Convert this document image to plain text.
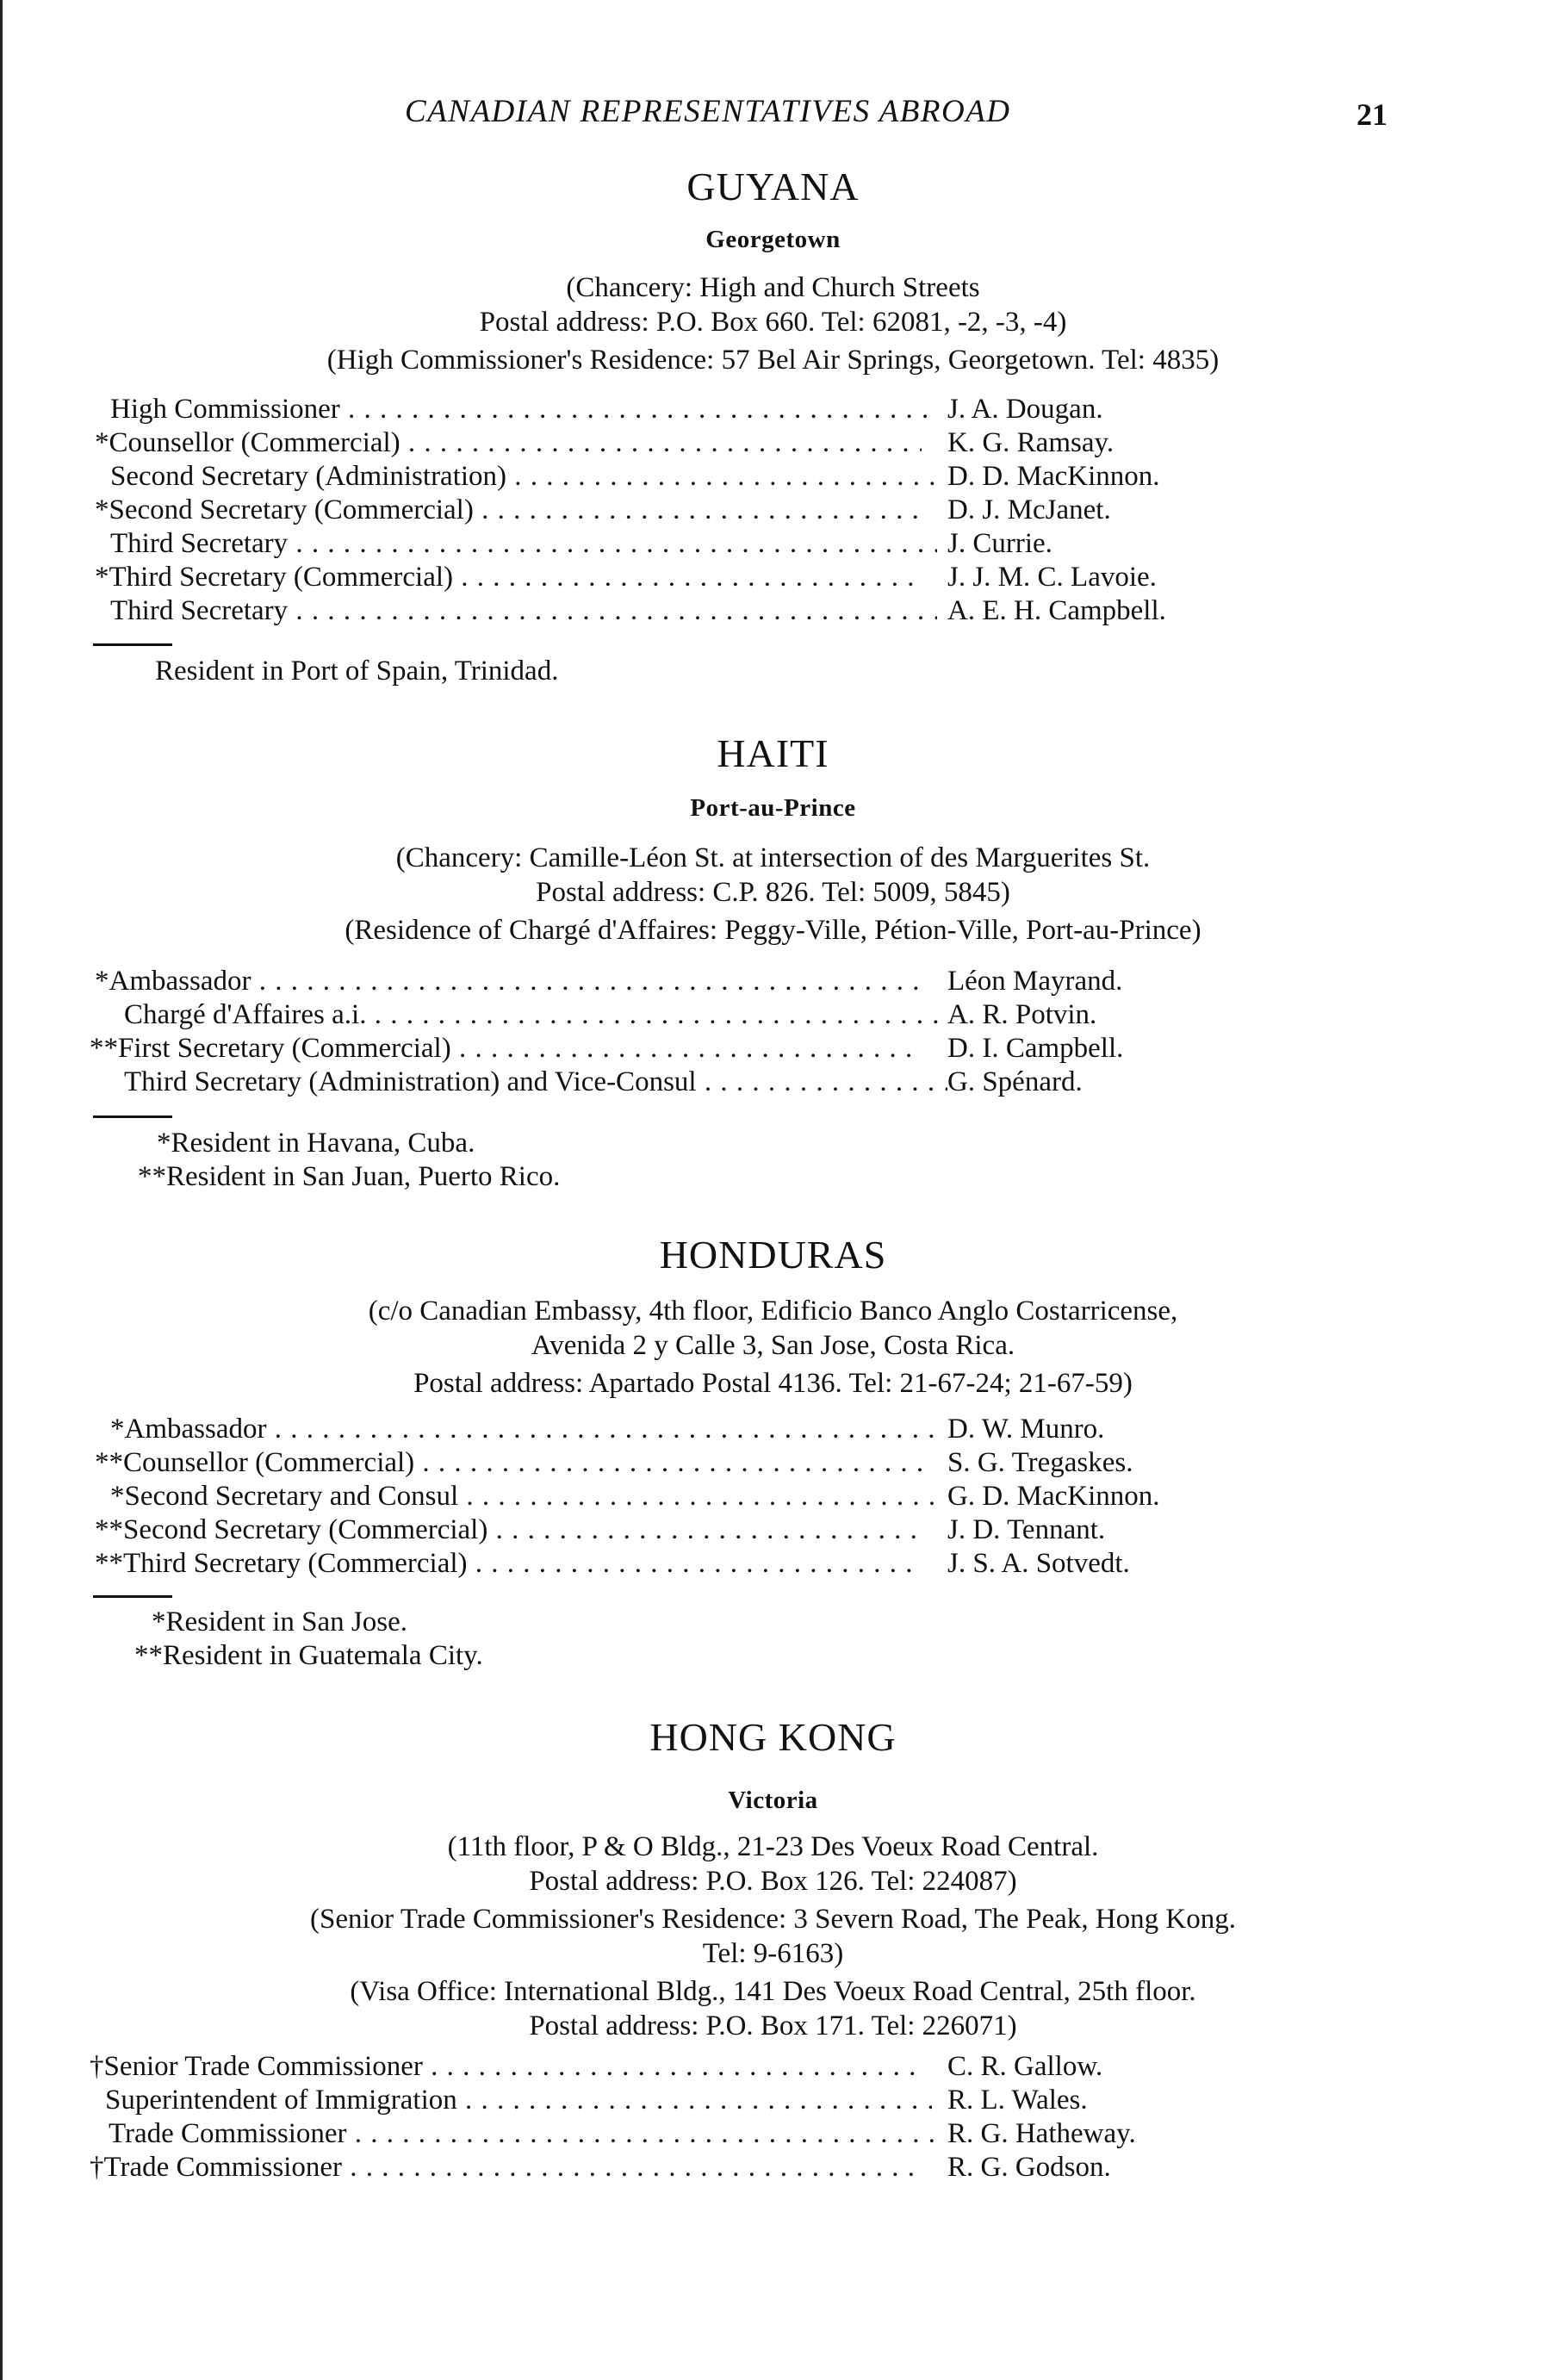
CANADIAN REPRESENTATIVES ABROAD	21
GUYANA
Georgetown
(Chancery: High and Church Streets
Postal address: P.O. Box 660. Tel: 62081, -2, -3, -4)
(High Commissioner's Residence: 57 Bel Air Springs, Georgetown. Tel: 4835)
High Commissioner . . .	J. A. Dougan.
*Counsellor (Commercial) . . .	K. G. Ramsay.
Second Secretary (Administration) . . .	D. D. MacKinnon.
*Second Secretary (Commercial) . . .	D. J. McJanet.
Third Secretary . . .	J. Currie.
*Third Secretary (Commercial) . . .	J. J. M. C. Lavoie.
Third Secretary . . .	A. E. H. Campbell.
Resident in Port of Spain, Trinidad.
HAITI
Port-au-Prince
(Chancery: Camille-Léon St. at intersection of des Marguerites St.
Postal address: C.P. 826. Tel: 5009, 5845)
(Residence of Chargé d'Affaires: Peggy-Ville, Pétion-Ville, Port-au-Prince)
*Ambassador . . .	Léon Mayrand.
Chargé d'Affaires a.i. . . .	A. R. Potvin.
**First Secretary (Commercial) . . .	D. I. Campbell.
Third Secretary (Administration) and Vice-Consul . . .	G. Spénard.
*Resident in Havana, Cuba.
**Resident in San Juan, Puerto Rico.
HONDURAS
(c/o Canadian Embassy, 4th floor, Edificio Banco Anglo Costarricense,
Avenida 2 y Calle 3, San Jose, Costa Rica.
Postal address: Apartado Postal 4136. Tel: 21-67-24; 21-67-59)
*Ambassador . . .	D. W. Munro.
**Counsellor (Commercial) . . .	S. G. Tregaskes.
*Second Secretary and Consul . . .	G. D. MacKinnon.
**Second Secretary (Commercial) . . .	J. D. Tennant.
**Third Secretary (Commercial) . . .	J. S. A. Sotvedt.
*Resident in San Jose.
**Resident in Guatemala City.
HONG KONG
Victoria
(11th floor, P & O Bldg., 21-23 Des Voeux Road Central.
Postal address: P.O. Box 126. Tel: 224087)
(Senior Trade Commissioner's Residence: 3 Severn Road, The Peak, Hong Kong.
Tel: 9-6163)
(Visa Office: International Bldg., 141 Des Voeux Road Central, 25th floor.
Postal address: P.O. Box 171. Tel: 226071)
†Senior Trade Commissioner . . .	C. R. Gallow.
Superintendent of Immigration . . .	R. L. Wales.
Trade Commissioner . . .	R. G. Hatheway.
†Trade Commissioner . . .	R. G. Godson.
